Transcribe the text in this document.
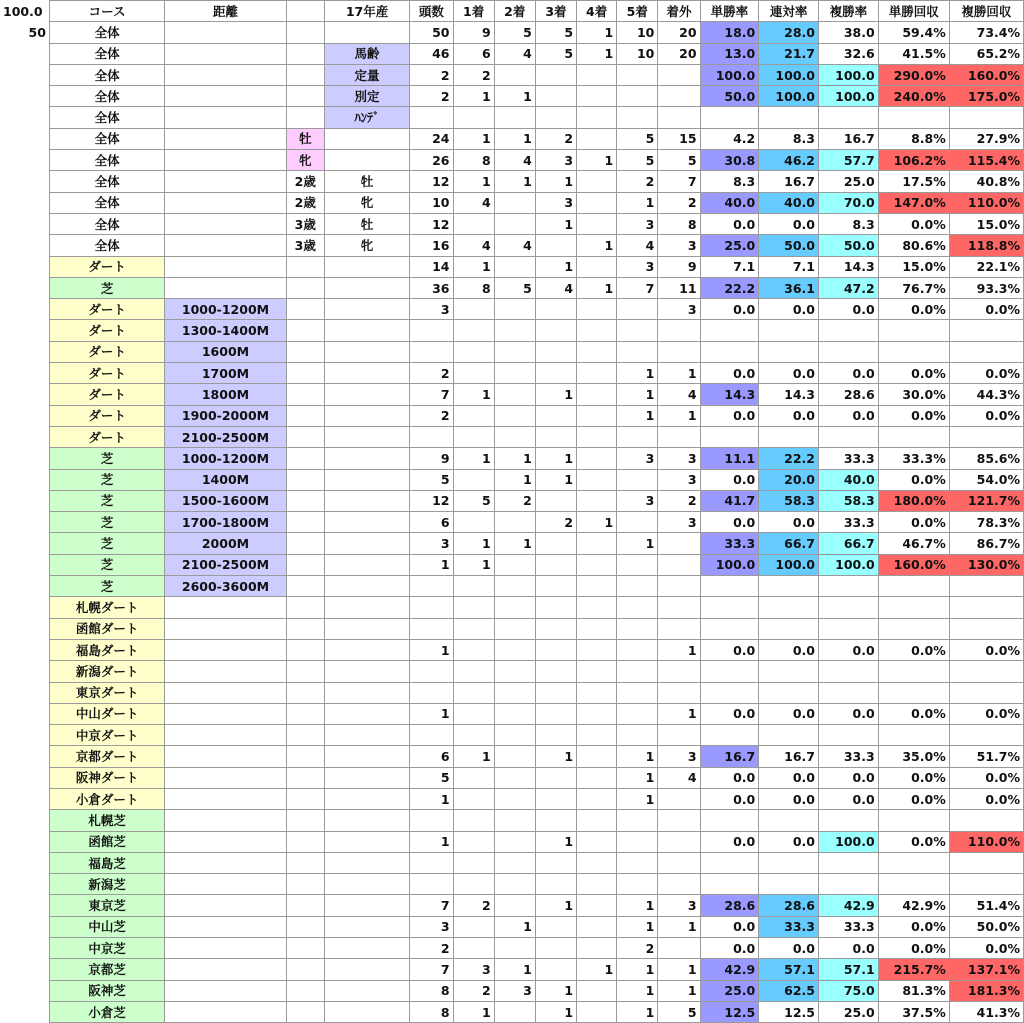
100.0	コース	距離		17年産	頭数	1着	2着	3着	4着	5着	着外	単勝率	連対率	複勝率	単勝回収	複勝回収
50	全体				50	9	5	5	1	10	20	18.0	28.0	38.0	59.4%	73.4%
	全体			馬齢	46	6	4	5	1	10	20	13.0	21.7	32.6	41.5%	65.2%
	全体			定量	2	2						100.0	100.0	100.0	290.0%	160.0%
	全体			別定	2	1	1					50.0	100.0	100.0	240.0%	175.0%
	全体			ﾊﾝﾃﾞ												
	全体		牡		24	1	1	2		5	15	4.2	8.3	16.7	8.8%	27.9%
	全体		牝		26	8	4	3	1	5	5	30.8	46.2	57.7	106.2%	115.4%
	全体		2歳	牡	12	1	1	1		2	7	8.3	16.7	25.0	17.5%	40.8%
	全体		2歳	牝	10	4		3		1	2	40.0	40.0	70.0	147.0%	110.0%
	全体		3歳	牡	12			1		3	8	0.0	0.0	8.3	0.0%	15.0%
	全体		3歳	牝	16	4	4		1	4	3	25.0	50.0	50.0	80.6%	118.8%
	ダート				14	1		1		3	9	7.1	7.1	14.3	15.0%	22.1%
	芝				36	8	5	4	1	7	11	22.2	36.1	47.2	76.7%	93.3%
	ダート	1000-1200M			3						3	0.0	0.0	0.0	0.0%	0.0%
	ダート	1300-1400M														
	ダート	1600M														
	ダート	1700M			2					1	1	0.0	0.0	0.0	0.0%	0.0%
	ダート	1800M			7	1		1		1	4	14.3	14.3	28.6	30.0%	44.3%
	ダート	1900-2000M			2					1	1	0.0	0.0	0.0	0.0%	0.0%
	ダート	2100-2500M														
	芝	1000-1200M			9	1	1	1		3	3	11.1	22.2	33.3	33.3%	85.6%
	芝	1400M			5		1	1			3	0.0	20.0	40.0	0.0%	54.0%
	芝	1500-1600M			12	5	2			3	2	41.7	58.3	58.3	180.0%	121.7%
	芝	1700-1800M			6			2	1		3	0.0	0.0	33.3	0.0%	78.3%
	芝	2000M			3	1	1			1		33.3	66.7	66.7	46.7%	86.7%
	芝	2100-2500M			1	1						100.0	100.0	100.0	160.0%	130.0%
	芝	2600-3600M														
	札幌ダート															
	函館ダート															
	福島ダート				1						1	0.0	0.0	0.0	0.0%	0.0%
	新潟ダート															
	東京ダート															
	中山ダート				1						1	0.0	0.0	0.0	0.0%	0.0%
	中京ダート															
	京都ダート				6	1		1		1	3	16.7	16.7	33.3	35.0%	51.7%
	阪神ダート				5					1	4	0.0	0.0	0.0	0.0%	0.0%
	小倉ダート				1					1		0.0	0.0	0.0	0.0%	0.0%
	札幌芝															
	函館芝				1			1				0.0	0.0	100.0	0.0%	110.0%
	福島芝															
	新潟芝															
	東京芝				7	2		1		1	3	28.6	28.6	42.9	42.9%	51.4%
	中山芝				3		1			1	1	0.0	33.3	33.3	0.0%	50.0%
	中京芝				2					2		0.0	0.0	0.0	0.0%	0.0%
	京都芝				7	3	1		1	1	1	42.9	57.1	57.1	215.7%	137.1%
	阪神芝				8	2	3	1		1	1	25.0	62.5	75.0	81.3%	181.3%
	小倉芝				8	1		1		1	5	12.5	12.5	25.0	37.5%	41.3%
